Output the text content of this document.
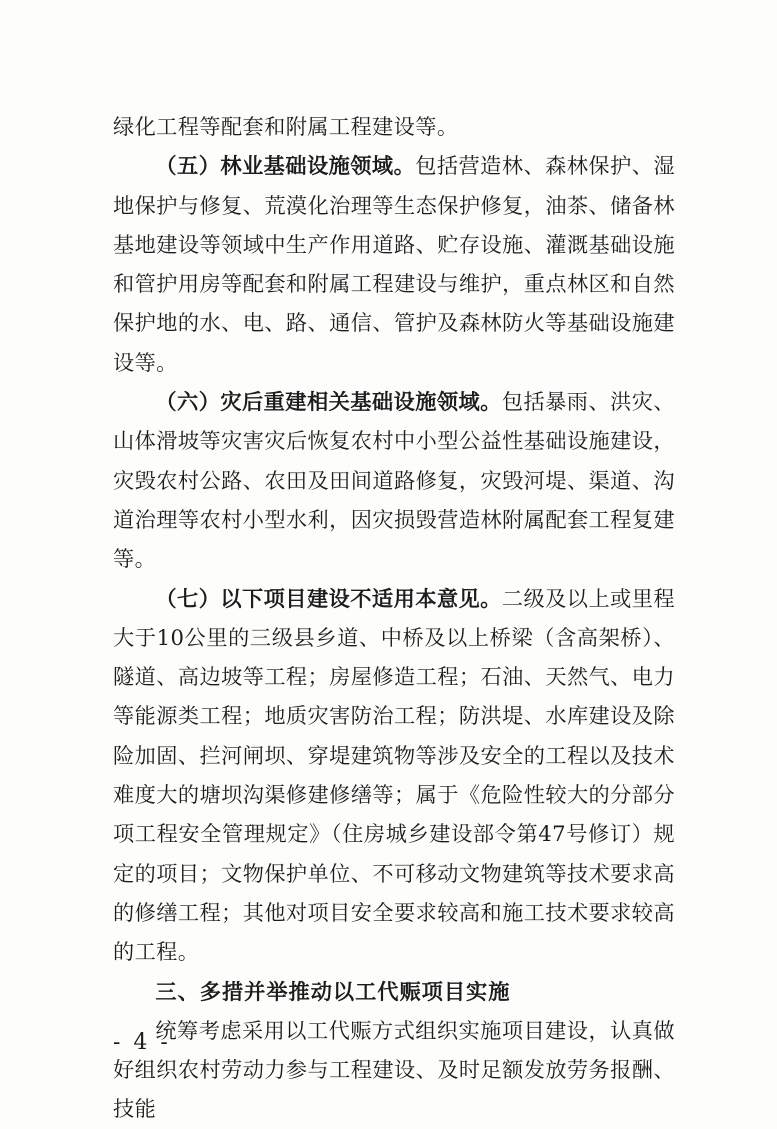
绿化工程等配套和附属工程建设等。

（五）林业基础设施领域。包括营造林、森林保护、湿地保护与修复、荒漠化治理等生态保护修复，油茶、储备林基地建设等领域中生产作用道路、贮存设施、灌溉基础设施和管护用房等配套和附属工程建设与维护，重点林区和自然保护地的水、电、路、通信、管护及森林防火等基础设施建设等。

（六）灾后重建相关基础设施领域。包括暴雨、洪灾、山体滑坡等灾害灾后恢复农村中小型公益性基础设施建设，灾毁农村公路、农田及田间道路修复，灾毁河堤、渠道、沟道治理等农村小型水利，因灾损毁营造林附属配套工程复建等。

（七）以下项目建设不适用本意见。二级及以上或里程大于10公里的三级县乡道、中桥及以上桥梁（含高架桥）、隧道、高边坡等工程；房屋修造工程；石油、天然气、电力等能源类工程；地质灾害防治工程；防洪堤、水库建设及除险加固、拦河闸坝、穿堤建筑物等涉及安全的工程以及技术难度大的塘坝沟渠修建修缮等；属于《危险性较大的分部分项工程安全管理规定》（住房城乡建设部令第47号修订）规定的项目；文物保护单位、不可移动文物建筑等技术要求高的修缮工程；其他对项目安全要求较高和施工技术要求较高的工程。

三、多措并举推动以工代赈项目实施

统筹考虑采用以工代赈方式组织实施项目建设，认真做好组织农村劳动力参与工程建设、及时足额发放劳务报酬、技能

- 4 -
